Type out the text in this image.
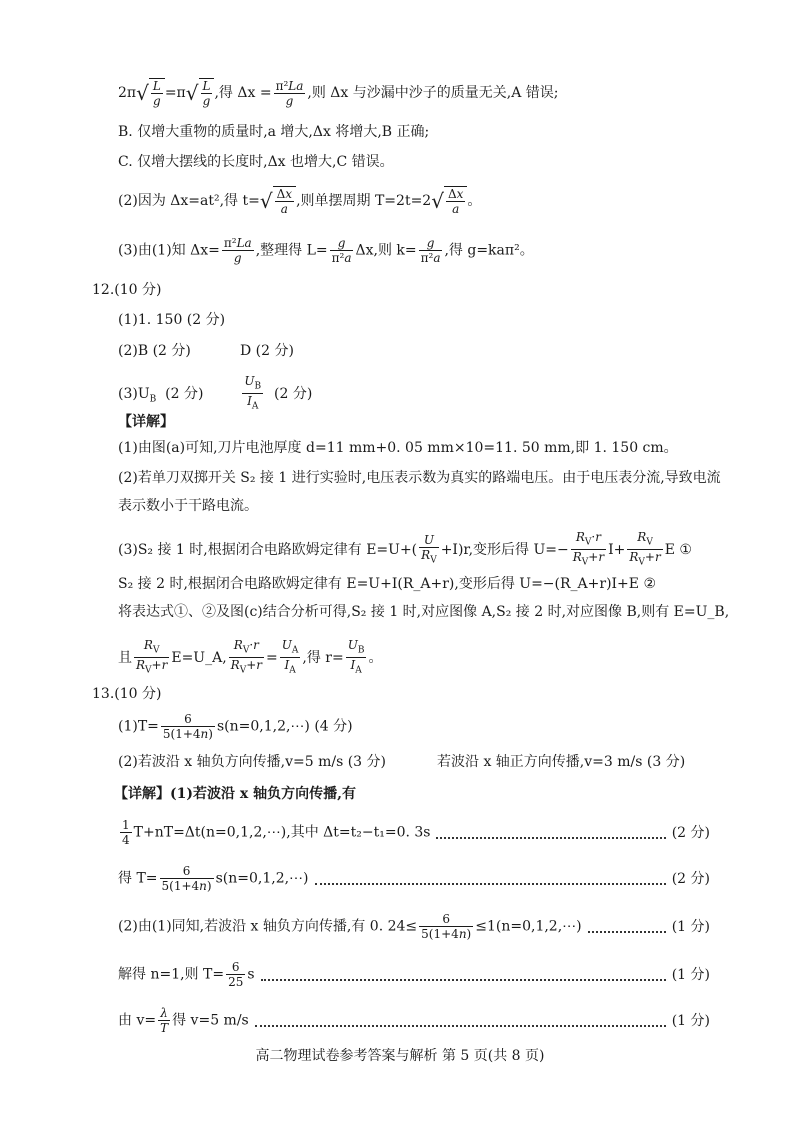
$2\pi√ \frac{L}{g} =\pi√ \frac{L}{g}$ ,得 $\Delta x = \frac{\text{π²La}}{g}$ ,则 Δx 与沙漏中沙子的质量无关,A 错误;
B. 仅增大重物的质量时,a 增大,Δx 将增大,B 正确;
C. 仅增大摆线的长度时,Δx 也增大,C 错误。
(2)因为 Δx=at²,得 $t=√ \frac{\Delta x}{a}$ ,则单摆周期 $T=2t=2√ \frac{\Delta x}{a}$ 。
(3)由(1)知 $\Delta x= \frac{\text{π²La}}{g}$ ,整理得 $L= \frac{g}{\text{π²a}} \Delta x$,则 $k= \frac{g}{\text{π²a}}$ ,得 g=kaπ²。
12.(10 分)
(1)1. 150 (2 分)
(2)B (2 分)	D (2 分)
$(3)U_B$ (2 分)	$\frac{U_B}{I_A} (2$ 分)
【详解】
(1)由图(a)可知,刀片电池厚度 d=11 mm+0. 05 mm×10=11. 50 mm,即 1. 150 cm。
(2)若单刀双掷开关 S₂ 接 1 进行实验时,电压表示数为真实的路端电压。由于电压表分流,导致电流
表示数小于干路电流。
(3)S₂ 接 1 时,根据闭合电路欧姆定律有 $E=U+( \frac{U}{R_V} +I)r$,变形后得 $U=- \frac{R_V\cdot r}{R_V+r} I+ \frac{R_V}{R_V+r}$ E ①
S₂ 接 2 时,根据闭合电路欧姆定律有 E=U+I(R_A+r),变形后得 U=−(R_A+r)I+E ②
将表达式①、②及图(c)结合分析可得,S₂ 接 1 时,对应图像 A,S₂ 接 2 时,对应图像 B,则有 E=U_B,
且 $\frac{R_V}{R_V+r}$ E=U_A, $\frac{R_V\cdot r}{R_V+r} = \frac{U_A}{I_A}$ ,得 $r= \frac{U_B}{I_A}$ 。
13.(10 分)
$(1)T= \frac{6}{5(1+4n)}$ s(n=0,1,2,⋯) (4 分)
(2)若波沿 x 轴负方向传播,v=5 m/s (3 分)	若波沿 x 轴正方向传播,v=3 m/s (3 分)
【详解】(1)若波沿 x 轴负方向传播,有
$\frac{1}{4}$ T+nT=Δt(n=0,1,2,⋯),其中 Δt=t₂−t₁=0. 3s	(2 分)
得 $T= \frac{6}{5(1+4n)}$ s(n=0,1,2,⋯)	(2 分)
(2)由(1)同知,若波沿 x 轴负方向传播,有 0. $24\le \frac{6}{5(1+4n)}$ ≤1(n=0,1,2,⋯)	(1 分)
解得 n=1,则 $T= \frac{6}{25}$ s	(1 分)
由 $v= \frac{\lambda}{T}$ 得 v=5 m/s	(1 分)
高二物理试卷参考答案与解析 第 5 页(共 8 页)
